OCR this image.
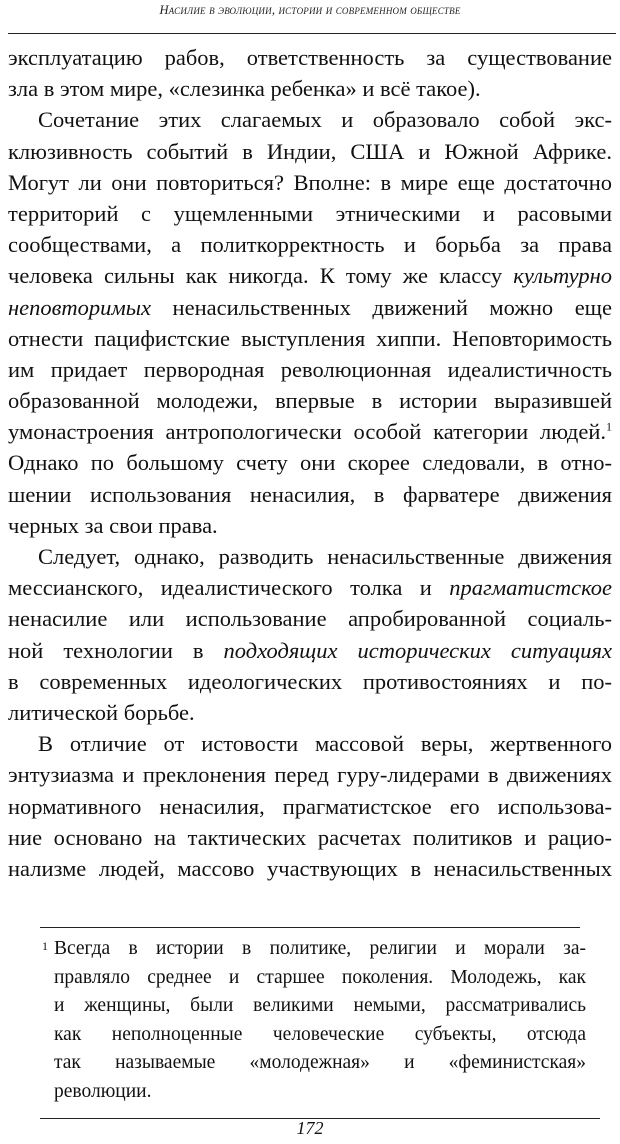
Насилие в эволюции, истории и современном обществе
эксплуатацию рабов, ответственность за существование
зла в этом мире, «слезинка ребенка» и всё такое).
Сочетание этих слагаемых и образовало собой экс-
клюзивность событий в Индии, США и Южной Африке.
Могут ли они повториться? Вполне: в мире еще достаточно
территорий с ущемленными этническими и расовыми
сообществами, а политкорректность и борьба за права
человека сильны как никогда. К тому же классу культурно
неповторимых ненасильственных движений можно еще
отнести пацифистские выступления хиппи. Неповторимость
им придает первородная революционная идеалистичность
образованной молодежи, впервые в истории выразившей
умонастроения антропологически особой категории людей.$^1$
Однако по большому счету они скорее следовали, в отно-
шении использования ненасилия, в фарватере движения
черных за свои права.
Следует, однако, разводить ненасильственные движения
мессианского, идеалистического толка и прагматистское
ненасилие или использование апробированной социаль-
ной технологии в подходящих исторических ситуациях
в современных идеологических противостояниях и по-
литической борьбе.
В отличие от истовости массовой веры, жертвенного
энтузиазма и преклонения перед гуру-лидерами в движениях
нормативного ненасилия, прагматистское его использова-
ние основано на тактических расчетах политиков и рацио-
нализме людей, массово участвующих в ненасильственных
1 Всегда в истории в политике, религии и морали за-
правляло среднее и старшее поколения. Молодежь, как
и женщины, были великими немыми, рассматривались
как неполноценные человеческие субъекты, отсюда
так называемые «молодежная» и «феминистская»
революции.
172
